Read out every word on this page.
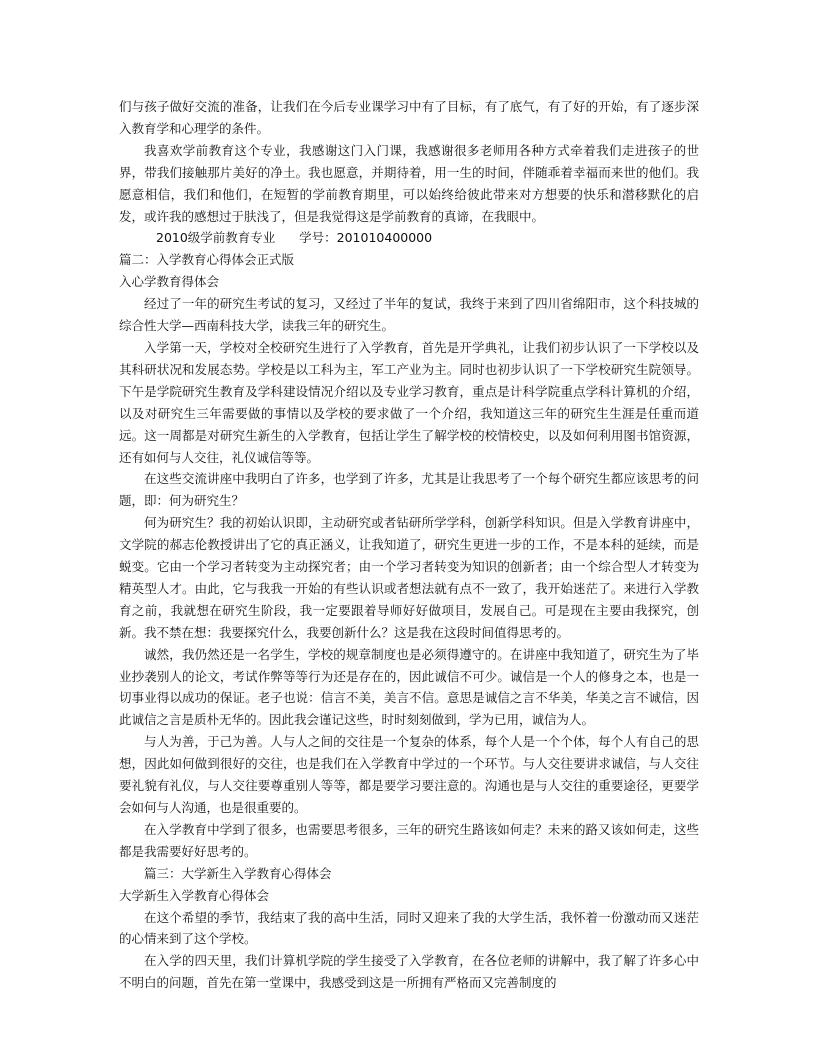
们与孩子做好交流的准备，让我们在今后专业课学习中有了目标，有了底气，有了好的开始，有了逐步深入教育学和心理学的条件。

我喜欢学前教育这个专业，我感谢这门入门课，我感谢很多老师用各种方式牵着我们走进孩子的世界，带我们接触那片美好的净土。我也愿意，并期待着，用一生的时间，伴随乖着幸福而来世的他们。我愿意相信，我们和他们，在短暂的学前教育期里，可以始终给彼此带来对方想要的快乐和潜移默化的启发，或许我的感想过于肤浅了，但是我觉得这是学前教育的真谛，在我眼中。

2010级学前教育专业 学号：201010400000

篇二：入学教育心得体会正式版

入心学教育得体会

经过了一年的研究生考试的复习，又经过了半年的复试，我终于来到了四川省绵阳市，这个科技城的综合性大学—西南科技大学，读我三年的研究生。

入学第一天，学校对全校研究生进行了入学教育，首先是开学典礼，让我们初步认识了一下学校以及其科研状况和发展态势。学校是以工科为主，军工产业为主。同时也初步认识了一下学校研究生院领导。下午是学院研究生教育及学科建设情况介绍以及专业学习教育，重点是计科学院重点学科计算机的介绍，以及对研究生三年需要做的事情以及学校的要求做了一个介绍，我知道这三年的研究生生涯是任重而道远。这一周都是对研究生新生的入学教育，包括让学生了解学校的校情校史，以及如何利用图书馆资源，还有如何与人交往，礼仪诚信等等。

在这些交流讲座中我明白了许多，也学到了许多，尤其是让我思考了一个每个研究生都应该思考的问题，即：何为研究生？

何为研究生？我的初始认识即，主动研究或者钻研所学学科，创新学科知识。但是入学教育讲座中，文学院的郝志伦教授讲出了它的真正涵义，让我知道了，研究生更进一步的工作，不是本科的延续，而是蜕变。它由一个学习者转变为主动探究者；由一个学习者转变为知识的创新者；由一个综合型人才转变为精英型人才。由此，它与我我一开始的有些认识或者想法就有点不一致了，我开始迷茫了。来进行入学教育之前，我就想在研究生阶段，我一定要跟着导师好好做项目，发展自己。可是现在主要由我探究，创新。我不禁在想：我要探究什么，我要创新什么？这是我在这段时间值得思考的。

诚然，我仍然还是一名学生，学校的规章制度也是必须得遵守的。在讲座中我知道了，研究生为了毕业抄袭别人的论文，考试作弊等等行为还是存在的，因此诚信不可少。诚信是一个人的修身之本，也是一切事业得以成功的保证。老子也说：信言不美，美言不信。意思是诚信之言不华美，华美之言不诚信，因此诚信之言是质朴无华的。因此我会谨记这些，时时刻刻做到，学为已用，诚信为人。

与人为善，于己为善。人与人之间的交往是一个复杂的体系，每个人是一个个体，每个人有自己的思想，因此如何做到很好的交往，也是我们在入学教育中学过的一个环节。与人交往要讲求诚信，与人交往要礼貌有礼仪，与人交往要尊重别人等等，都是要学习要注意的。沟通也是与人交往的重要途径，更要学会如何与人沟通，也是很重要的。

在入学教育中学到了很多，也需要思考很多，三年的研究生路该如何走？未来的路又该如何走，这些都是我需要好好思考的。

篇三：大学新生入学教育心得体会

大学新生入学教育心得体会

在这个希望的季节，我结束了我的高中生活，同时又迎来了我的大学生活，我怀着一份激动而又迷茫的心情来到了这个学校。

在入学的四天里，我们计算机学院的学生接受了入学教育，在各位老师的讲解中，我了解了许多心中不明白的问题，首先在第一堂课中，我感受到这是一所拥有严格而又完善制度的
